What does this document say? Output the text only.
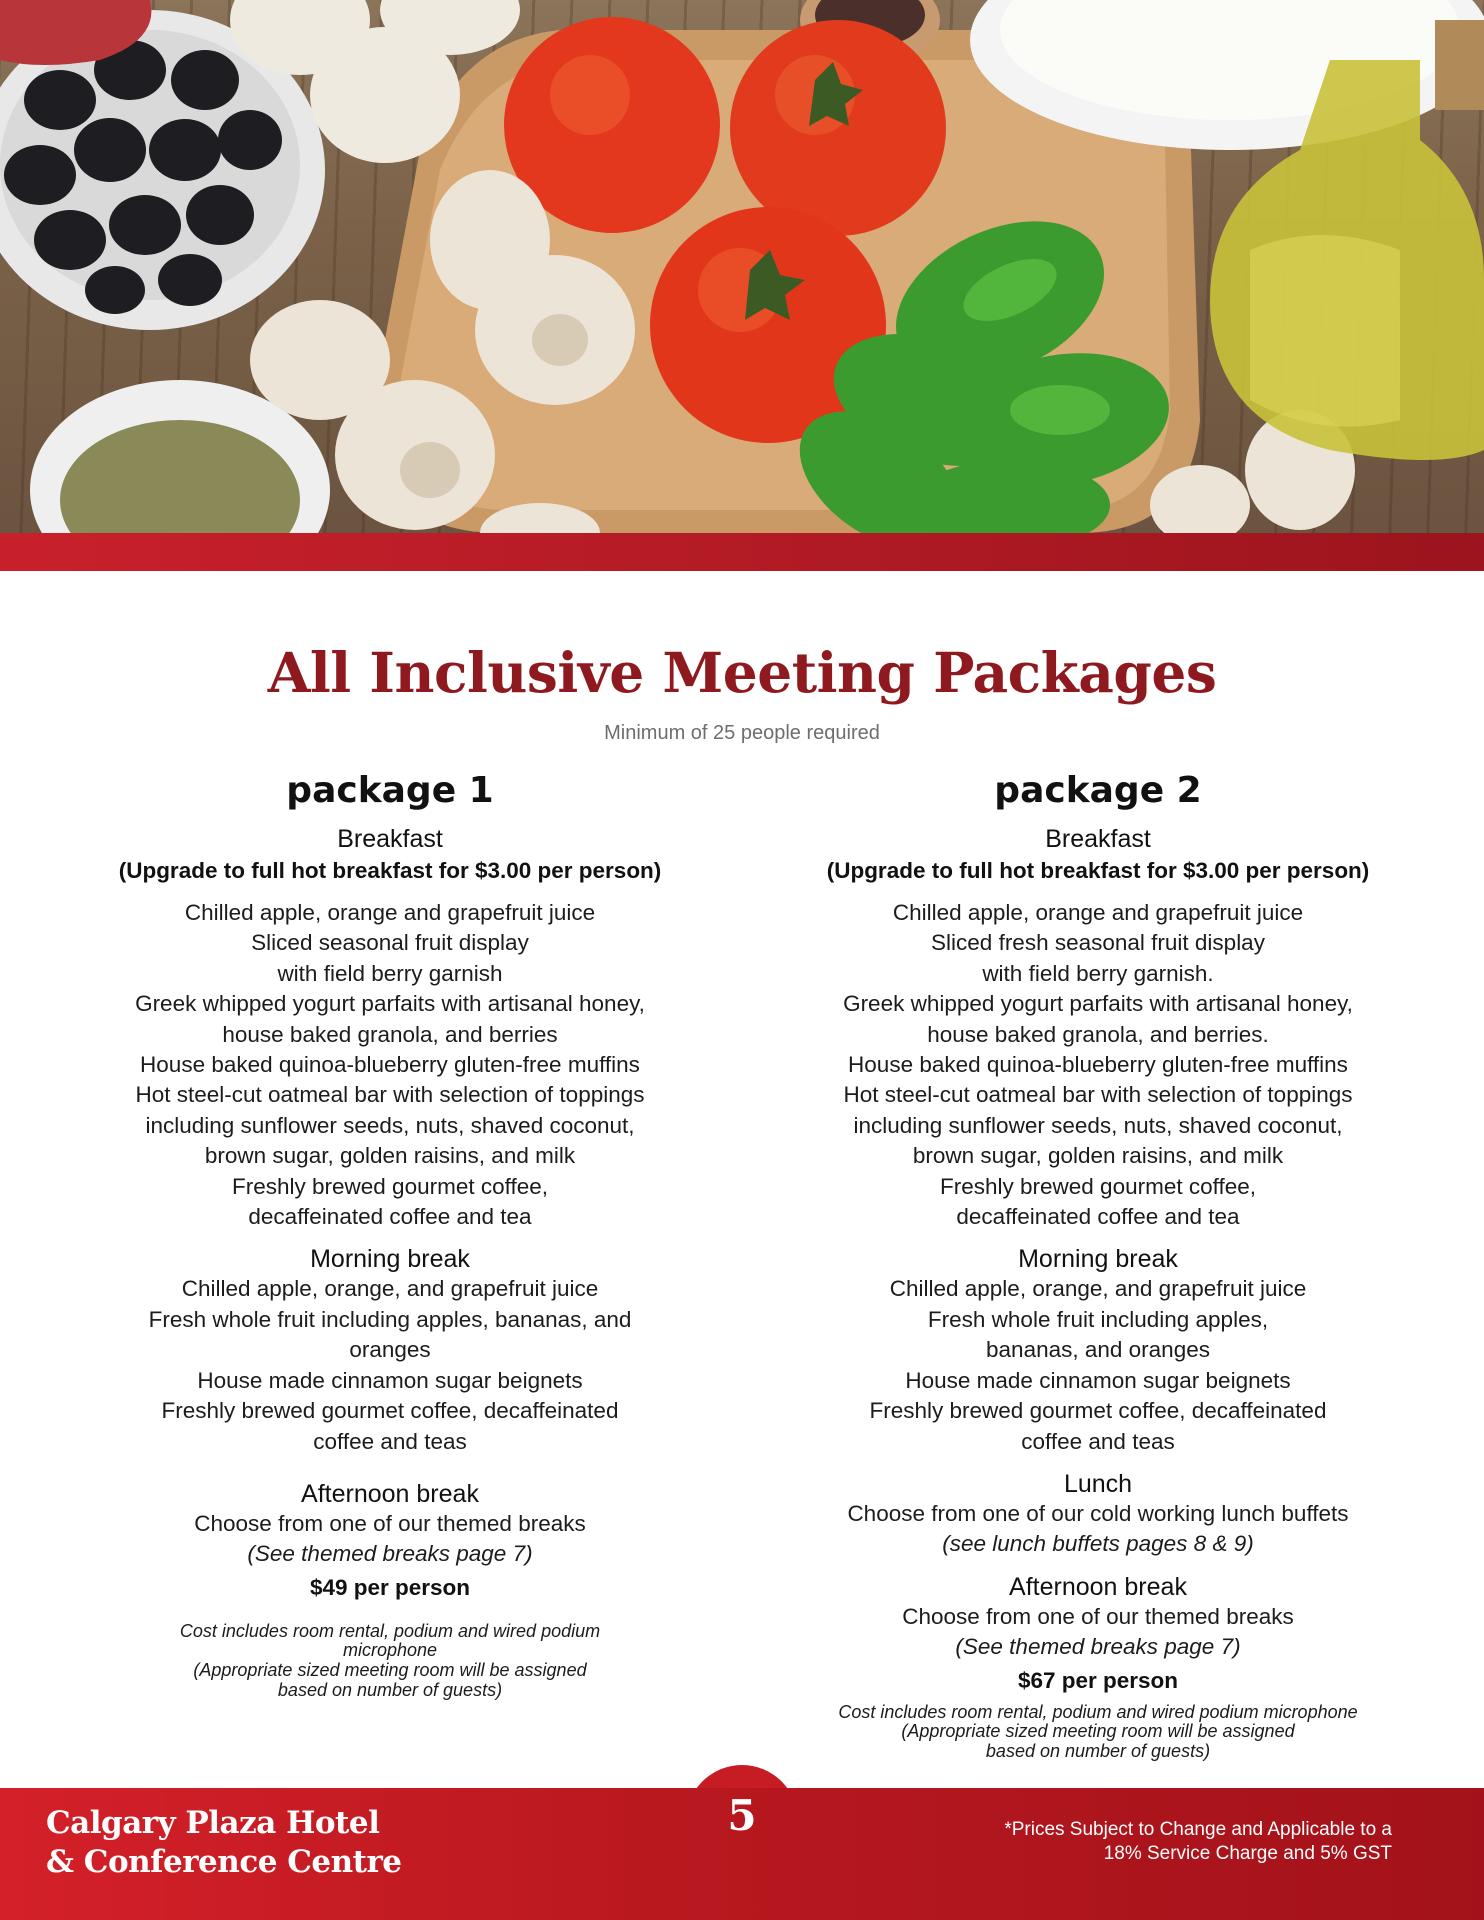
All Inclusive Meeting Packages
Minimum of 25 people required
package 1
Breakfast
(Upgrade to full hot breakfast for $3.00 per person)
Chilled apple, orange and grapefruit juice
Sliced seasonal fruit display
with field berry garnish
Greek whipped yogurt parfaits with artisanal honey,
house baked granola, and berries
House baked quinoa-blueberry gluten-free muffins
Hot steel-cut oatmeal bar with selection of toppings
including sunflower seeds, nuts, shaved coconut,
brown sugar, golden raisins, and milk
Freshly brewed gourmet coffee,
decaffeinated coffee and tea
Morning break
Chilled apple, orange, and grapefruit juice
Fresh whole fruit including apples, bananas, and
oranges
House made cinnamon sugar beignets
Freshly brewed gourmet coffee, decaffeinated
coffee and teas
Afternoon break
Choose from one of our themed breaks
(See themed breaks page 7)
$49 per person
Cost includes room rental, podium and wired podium
microphone
(Appropriate sized meeting room will be assigned
based on number of guests)
package 2
Breakfast
(Upgrade to full hot breakfast for $3.00 per person)
Chilled apple, orange and grapefruit juice
Sliced fresh seasonal fruit display
with field berry garnish.
Greek whipped yogurt parfaits with artisanal honey,
house baked granola, and berries.
House baked quinoa-blueberry gluten-free muffins
Hot steel-cut oatmeal bar with selection of toppings
including sunflower seeds, nuts, shaved coconut,
brown sugar, golden raisins, and milk
Freshly brewed gourmet coffee,
decaffeinated coffee and tea
Morning break
Chilled apple, orange, and grapefruit juice
Fresh whole fruit including apples,
bananas, and oranges
House made cinnamon sugar beignets
Freshly brewed gourmet coffee, decaffeinated
coffee and teas
Lunch
Choose from one of our cold working lunch buffets
(see lunch buffets pages 8 & 9)
Afternoon break
Choose from one of our themed breaks
(See themed breaks page 7)
$67 per person
Cost includes room rental, podium and wired podium microphone
(Appropriate sized meeting room will be assigned
based on number of guests)
5
Calgary Plaza Hotel
& Conference Centre
*Prices Subject to Change and Applicable to a
18% Service Charge and 5% GST
